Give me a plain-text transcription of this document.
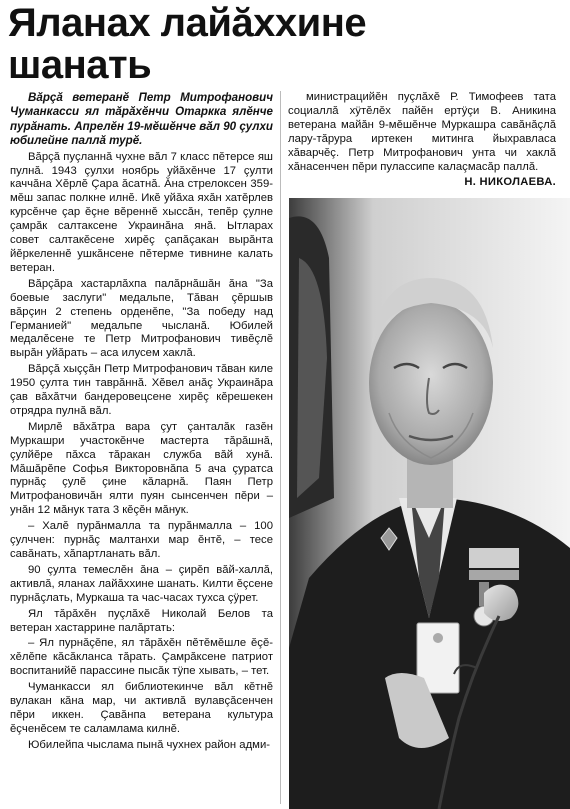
Яланах лайăххине
шанать

Вăрçă ветеранĕ Петр Митрофанович Чуманкасси ял тăрăхĕнчи Отаркка ялĕнче пурăнать. Апрелĕн 19-мĕшĕнче вăл 90 çулхи юбилейне паллă турĕ.

Вăрçă пуçланнă чухне вăл 7 класс пĕтерсе яш пулнă. 1943 çулхи ноябрь уйăхĕнче 17 çулти каччăна Хĕрлĕ Çара ăсатнă. Ăна стрелоксен 359-мĕш запас полкне илнĕ. Икĕ уйăха яхăн хатĕрлев курсĕнче çар ĕçне вĕреннĕ хысcăн, тепĕр çулне çамрăк салтаксене Украинăна янă. Ытларах совет салтакĕсене хирĕç çапăçакан вырăнта йĕркеленнĕ ушкăнсене пĕтерме тивнине калать ветеран.

Вăрçăра хастарлăхпа палăрнăшăн ăна "За боевые заслуги" медальпе, Тăван çĕршыв вăрçин 2 степень орденĕпе, "За победу над Германией" медальпе чысланă. Юбилей медалĕсене те Петр Митрофанович тивĕçлĕ вырăн уйăрать – аса илусем хаклă.

Вăрçă хыççăн Петр Митрофанович тăван киле 1950 çулта тин таврăннă. Хĕвел анăç Украинăра çав вăхăтчи бандеровецсене хирĕç кĕрешекен отрядра пулнă вăл.

Мирлĕ вăхăтра вара çут çанталăк газĕн Муркашри участокĕнче мастерта тăрăшнă, çулйĕре пăхса тăракан служба вăй хунă. Мăшăрĕпе Софья Викторовнăпа 5 ача çуратса пурнăç çулĕ çине кăларнă. Паян Петр Митрофановичăн ялти пуян сынсенчен пĕри – унăн 12 мăнук тата 3 кĕçĕн мăнук.

– Халĕ пурăнмалла та пурăнмалла – 100 çулччен: пурнăç малтанхи мар ĕнтĕ, – тесе савăнать, хăпартланать вăл.

90 çулта темеслĕн ăна – çирĕп вăй-халлă, активлă, яланах лайăххине шанать. Килти ĕçсене пурнăçлать, Муркаша та час-часах тухса çÿрет.

Ял тăрăхĕн пуçлăхĕ Николай Белов та ветеран хастаррине палăртать:

– Ял пурнăçĕпе, ял тăрăхĕн пĕтĕмĕшле ĕçĕ-хĕлĕпе кăсăкланса тăрать. Çамрăксене патриот воспитанийĕ парассине пысăк тÿпе хывать, – тет.

Чуманкасси ял библиотекинче вăл кĕтнĕ вулакан кăна мар, чи активлă вулавçăсенчен пĕри иккен. Çавăнпа ветерана культура ĕçченĕсем те саламлама килнĕ.

Юбилейпа чыслама пынă чухнех район адми-

министрацийĕн пуçлăхĕ Р. Тимофеев тата социаллă хÿтĕлĕх пайĕн ертÿçи В. Аникина ветерана майăн 9-мĕшĕнче Муркашра савăнăçлă лару-тăрура иртекен митинга йыхравласа хăварчĕç. Петр Митрофанович унта чи хаклă хăнасенчен пĕри пулассипе калаçмасăр паллă.

Н. НИКОЛАЕВА.
